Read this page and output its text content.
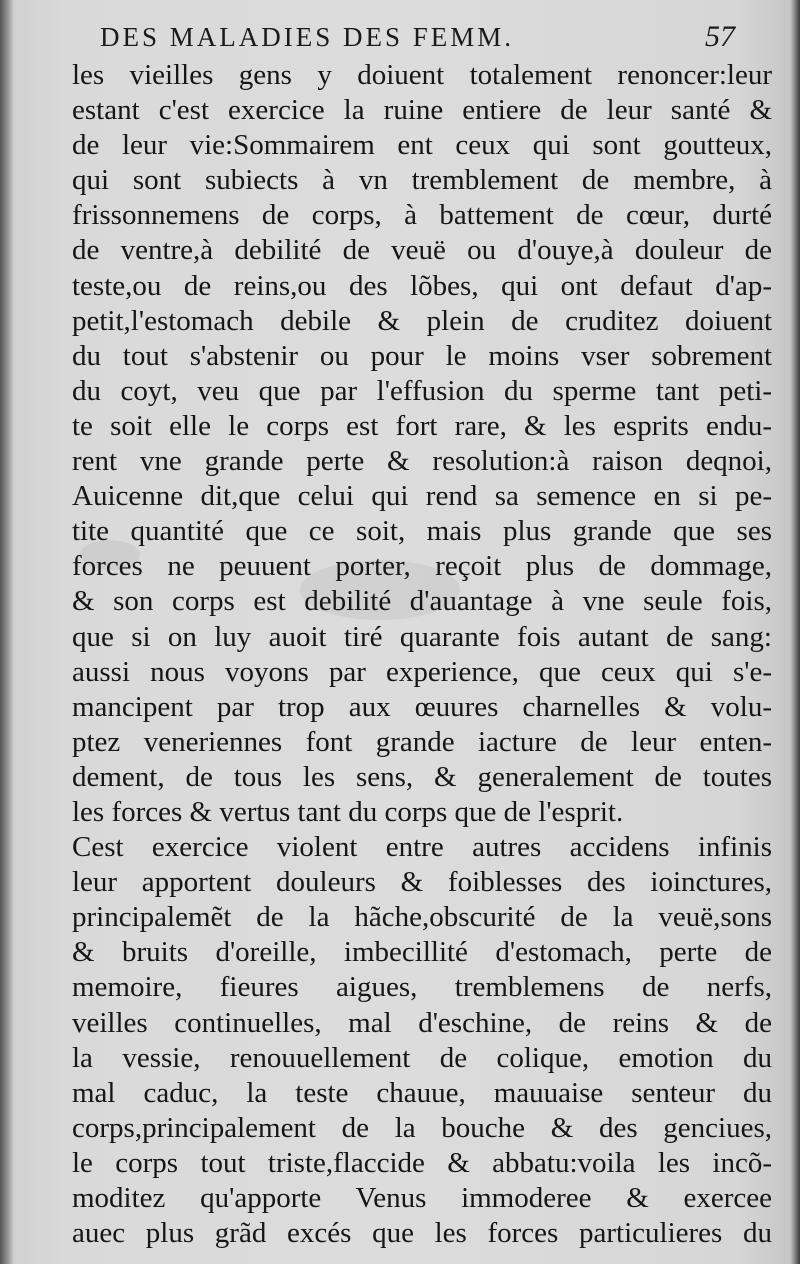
DES MALADIES DES FEMM.	57
les vieilles gens y doiuent totalement renoncer:leur
estant c'est exercice la ruine entiere de leur santé &
de leur vie:Sommairem ent ceux qui sont goutteux,
qui sont subiects à vn tremblement de membre, à
frissonnemens de corps, à battement de cœur, durté
de ventre,à debilité de veuë ou d'ouye,à douleur de
teste,ou de reins,ou des lõbes, qui ont defaut d'ap-
petit,l'estomach debile & plein de cruditez doiuent
du tout s'abstenir ou pour le moins vser sobrement
du coyt, veu que par l'effusion du sperme tant peti-
te soit elle le corps est fort rare, & les esprits endu-
rent vne grande perte & resolution:à raison deqnoi,
Auicenne dit,que celui qui rend sa semence en si pe-
tite quantité que ce soit, mais plus grande que ses
forces ne peuuent porter, reçoit plus de dommage,
& son corps est debilité d'auantage à vne seule fois,
que si on luy auoit tiré quarante fois autant de sang:
aussi nous voyons par experience, que ceux qui s'e-
mancipent par trop aux œuures charnelles & volu-
ptez veneriennes font grande iacture de leur enten-
dement, de tous les sens, & generalement de toutes
les forces & vertus tant du corps que de l'esprit.
Cest exercice violent entre autres accidens infinis
leur apportent douleurs & foiblesses des ioinctures,
principalemẽt de la hãche,obscurité de la veuë,sons
& bruits d'oreille, imbecillité d'estomach, perte de
memoire, fieures aigues, tremblemens de nerfs,
veilles continuelles, mal d'eschine, de reins & de
la vessie, renouuellement de colique, emotion du
mal caduc, la teste chauue, mauuaise senteur du
corps,principalement de la bouche & des genciues,
le corps tout triste,flaccide & abbatu:voila les incõ-
moditez qu'apporte Venus immoderee & exercee
auec plus grãd excés que les forces particulieres du
